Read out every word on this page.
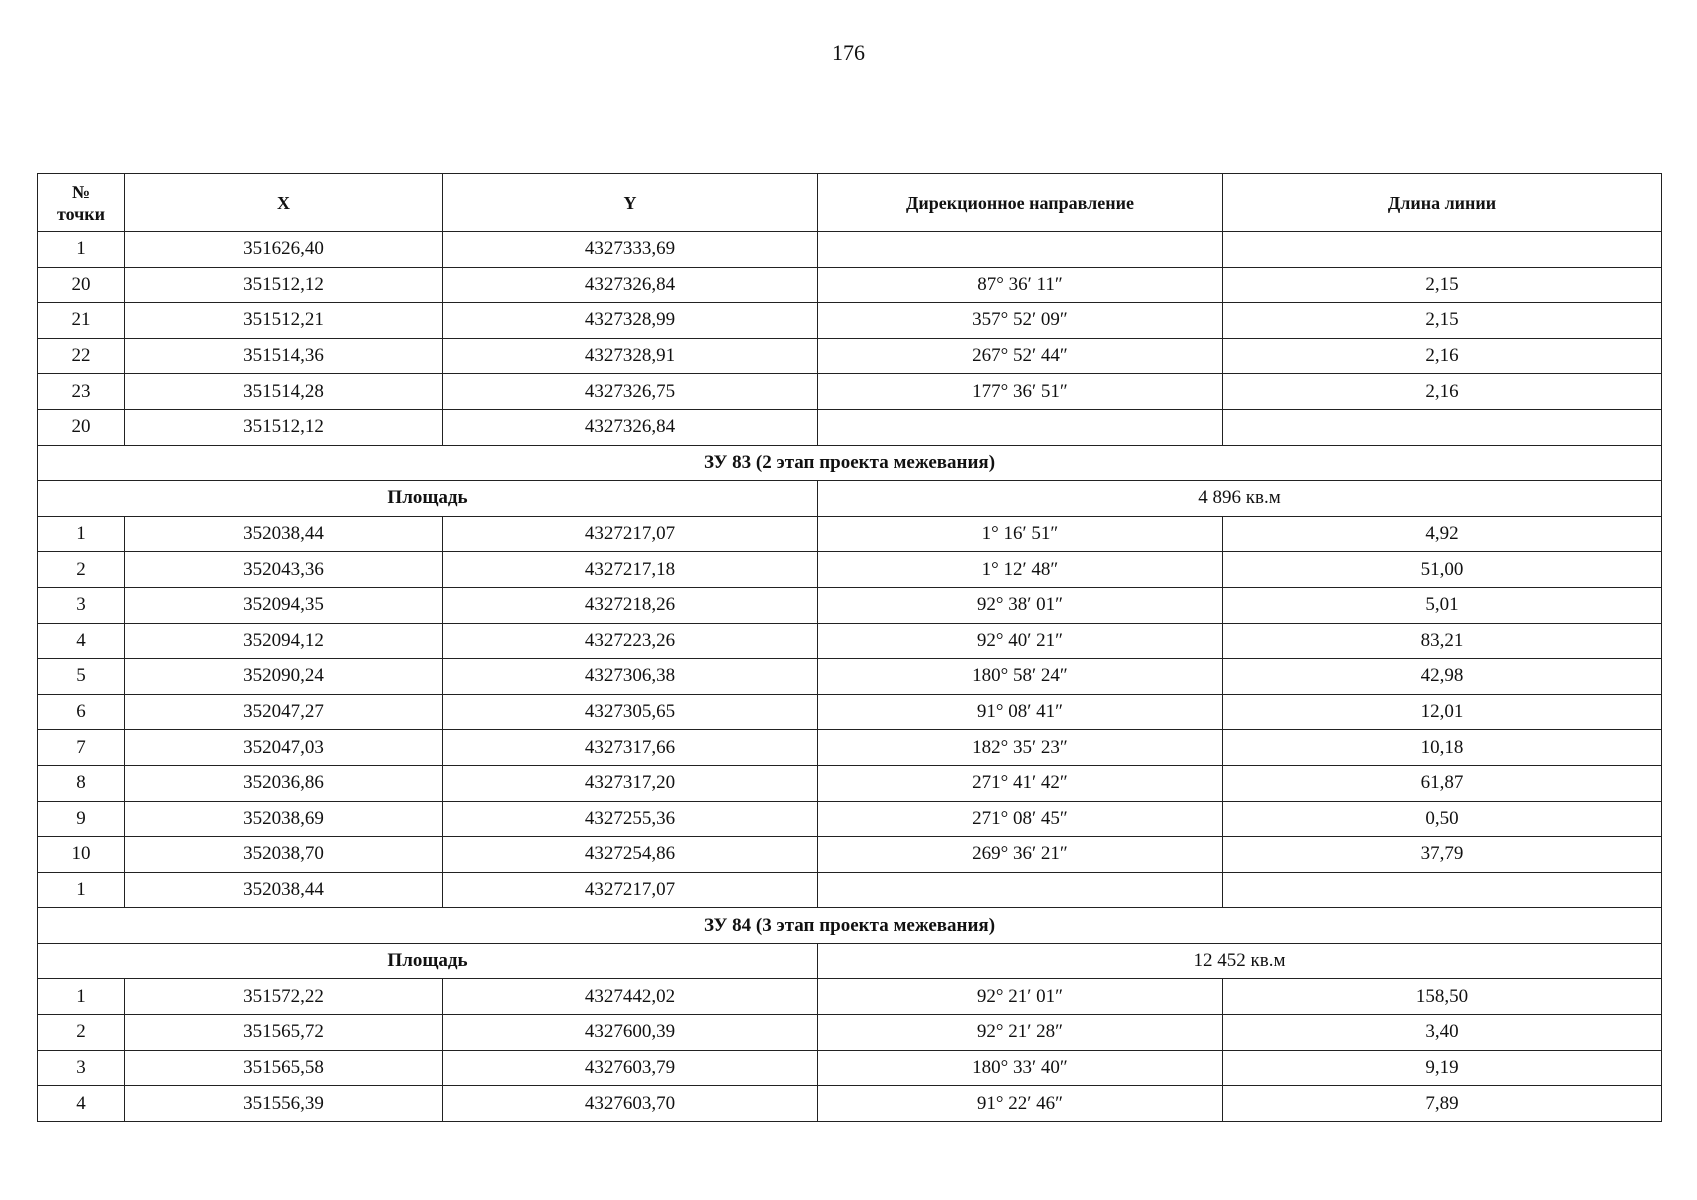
176
№
точки	X	Y	Дирекционное направление	Длина линии
1	351626,40	4327333,69		
20	351512,12	4327326,84	87° 36′ 11″	2,15
21	351512,21	4327328,99	357° 52′ 09″	2,15
22	351514,36	4327328,91	267° 52′ 44″	2,16
23	351514,28	4327326,75	177° 36′ 51″	2,16
20	351512,12	4327326,84		
ЗУ 83 (2 этап проекта межевания)				
Площадь			4 896 кв.м	
1	352038,44	4327217,07	1° 16′ 51″	4,92
2	352043,36	4327217,18	1° 12′ 48″	51,00
3	352094,35	4327218,26	92° 38′ 01″	5,01
4	352094,12	4327223,26	92° 40′ 21″	83,21
5	352090,24	4327306,38	180° 58′ 24″	42,98
6	352047,27	4327305,65	91° 08′ 41″	12,01
7	352047,03	4327317,66	182° 35′ 23″	10,18
8	352036,86	4327317,20	271° 41′ 42″	61,87
9	352038,69	4327255,36	271° 08′ 45″	0,50
10	352038,70	4327254,86	269° 36′ 21″	37,79
1	352038,44	4327217,07		
ЗУ 84 (3 этап проекта межевания)				
Площадь			12 452 кв.м	
1	351572,22	4327442,02	92° 21′ 01″	158,50
2	351565,72	4327600,39	92° 21′ 28″	3,40
3	351565,58	4327603,79	180° 33′ 40″	9,19
4	351556,39	4327603,70	91° 22′ 46″	7,89
